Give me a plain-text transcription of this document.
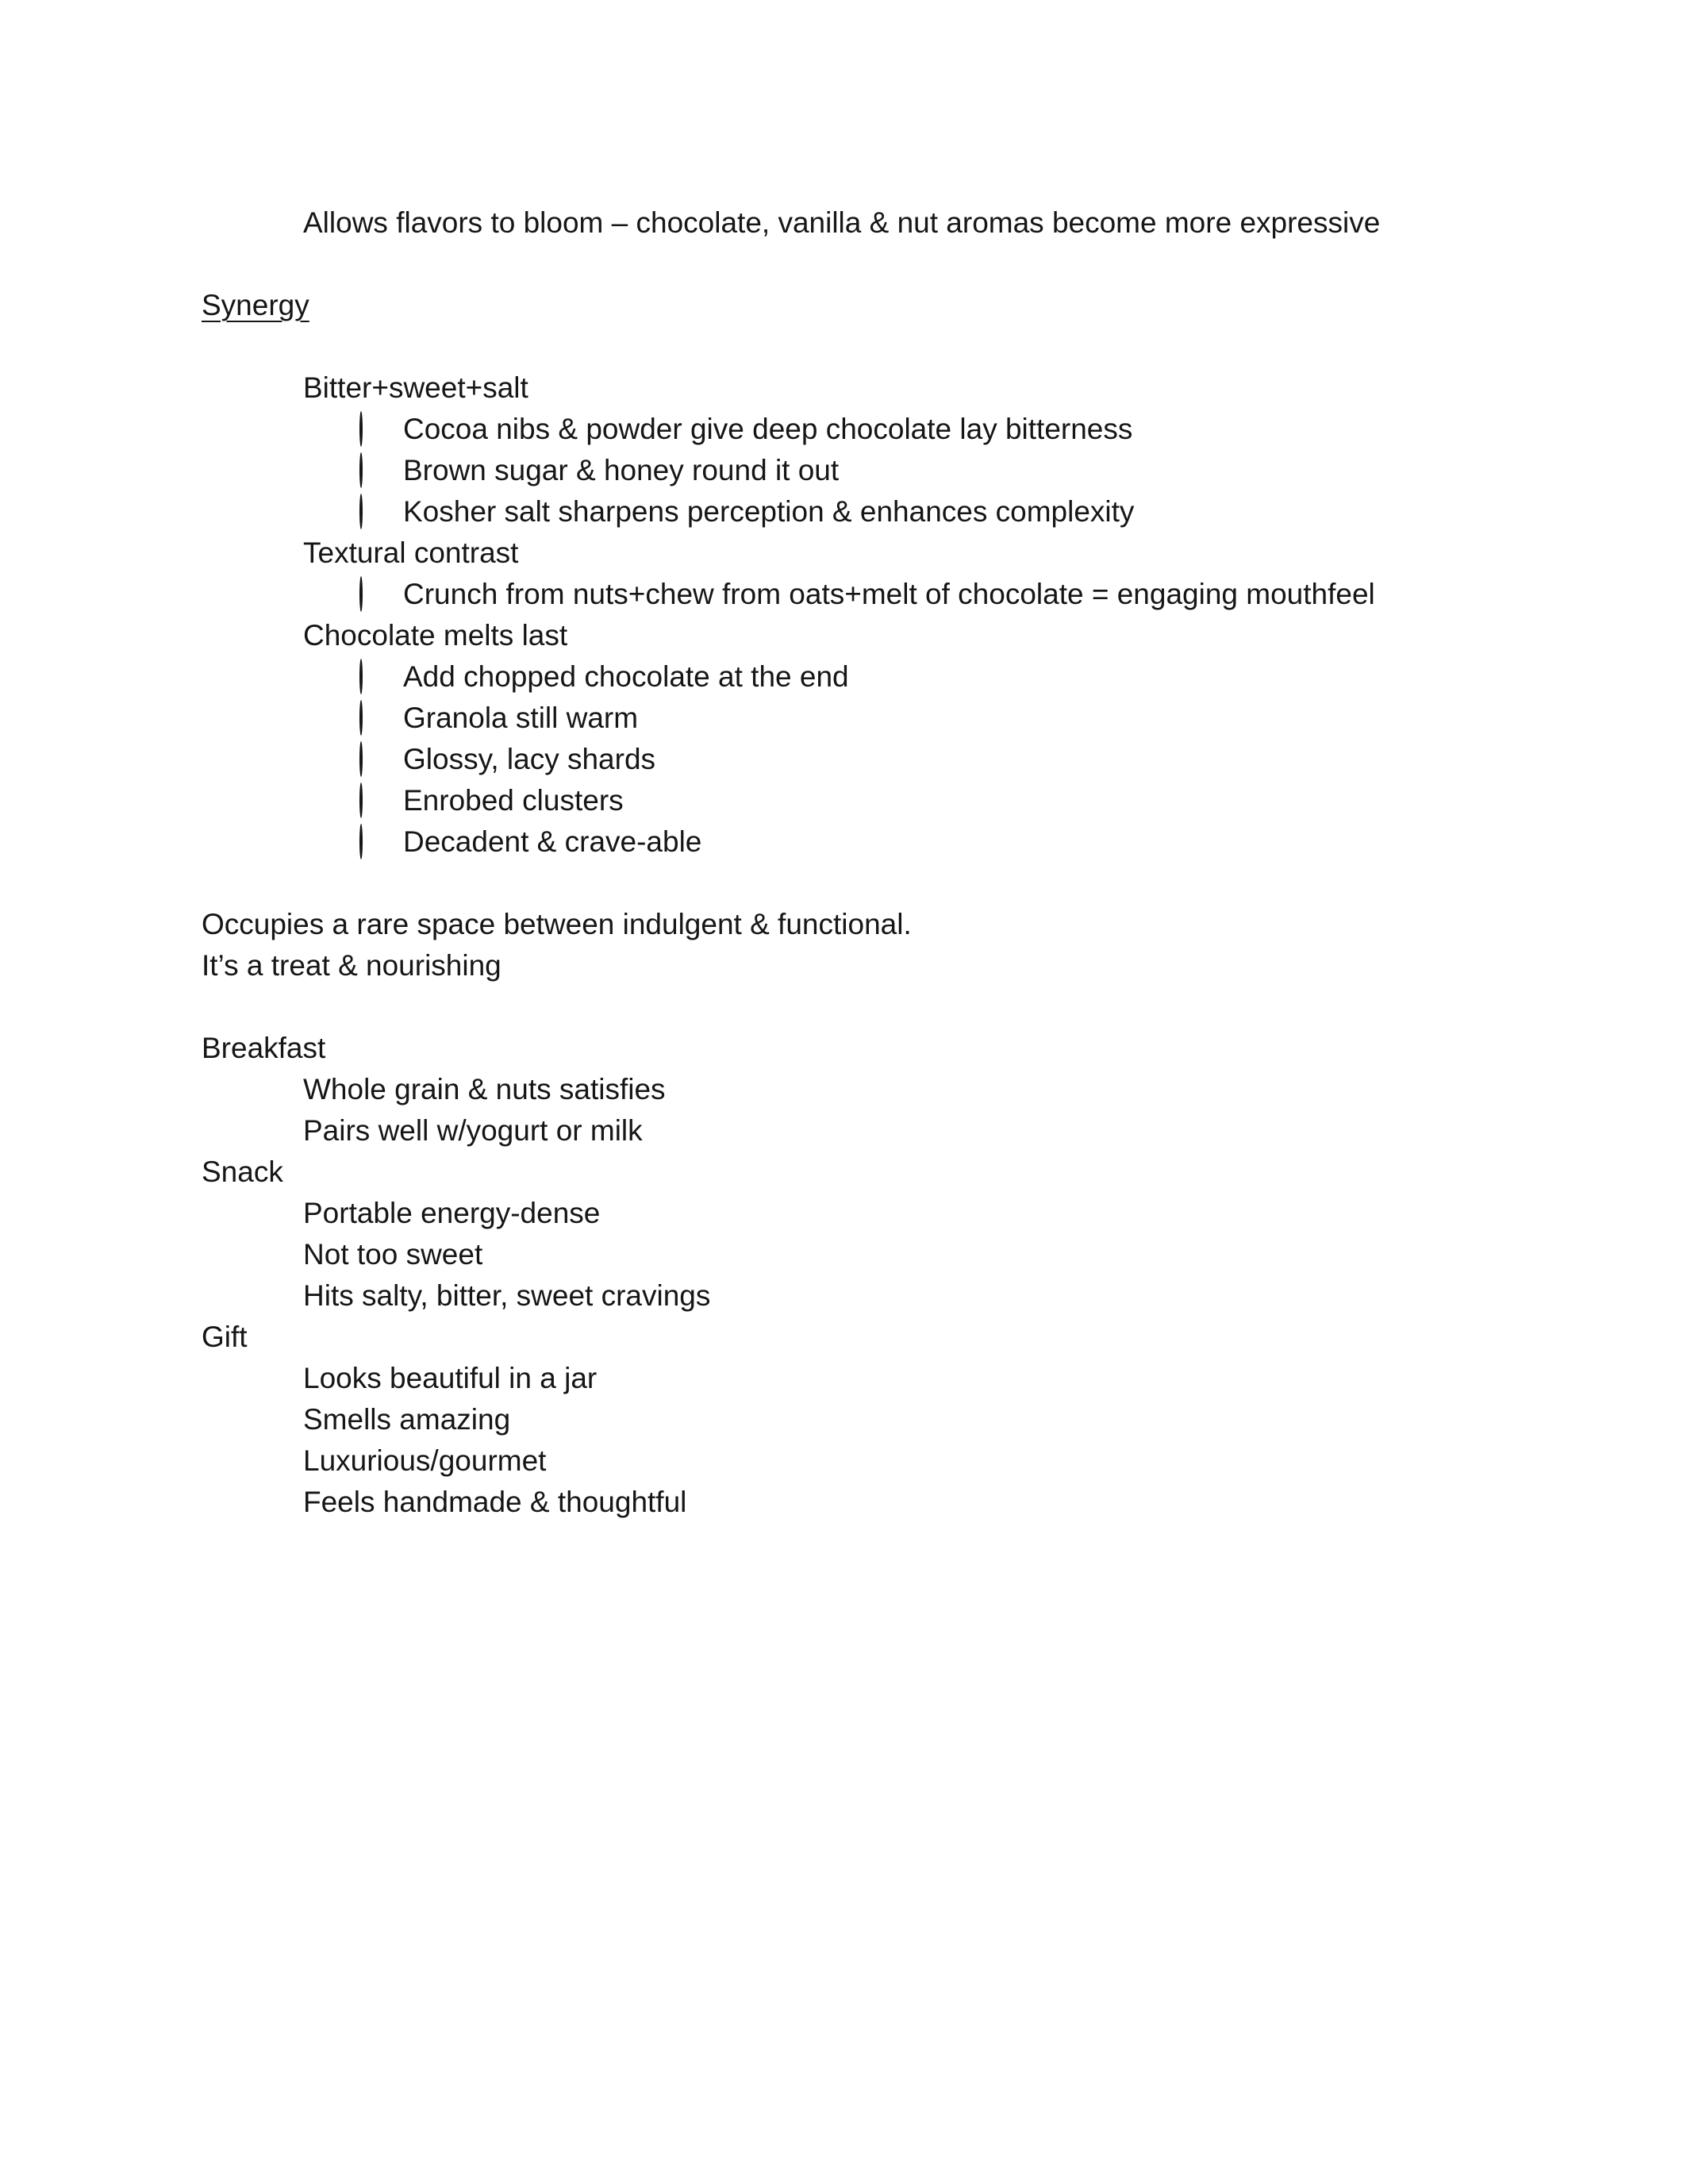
Allows flavors to bloom – chocolate, vanilla & nut aromas become more expressive
Synergy
Bitter+sweet+salt
Cocoa nibs & powder give deep chocolate lay bitterness
Brown sugar & honey round it out
Kosher salt sharpens perception & enhances complexity
Textural contrast
Crunch from nuts+chew from oats+melt of chocolate = engaging mouthfeel
Chocolate melts last
Add chopped chocolate at the end
Granola still warm
Glossy, lacy shards
Enrobed clusters
Decadent & crave-able
Occupies a rare space between indulgent & functional.
It’s a treat & nourishing
Breakfast
Whole grain & nuts satisfies
Pairs well w/yogurt or milk
Snack
Portable energy-dense
Not too sweet
Hits salty, bitter, sweet cravings
Gift
Looks beautiful in a jar
Smells amazing
Luxurious/gourmet
Feels handmade & thoughtful
